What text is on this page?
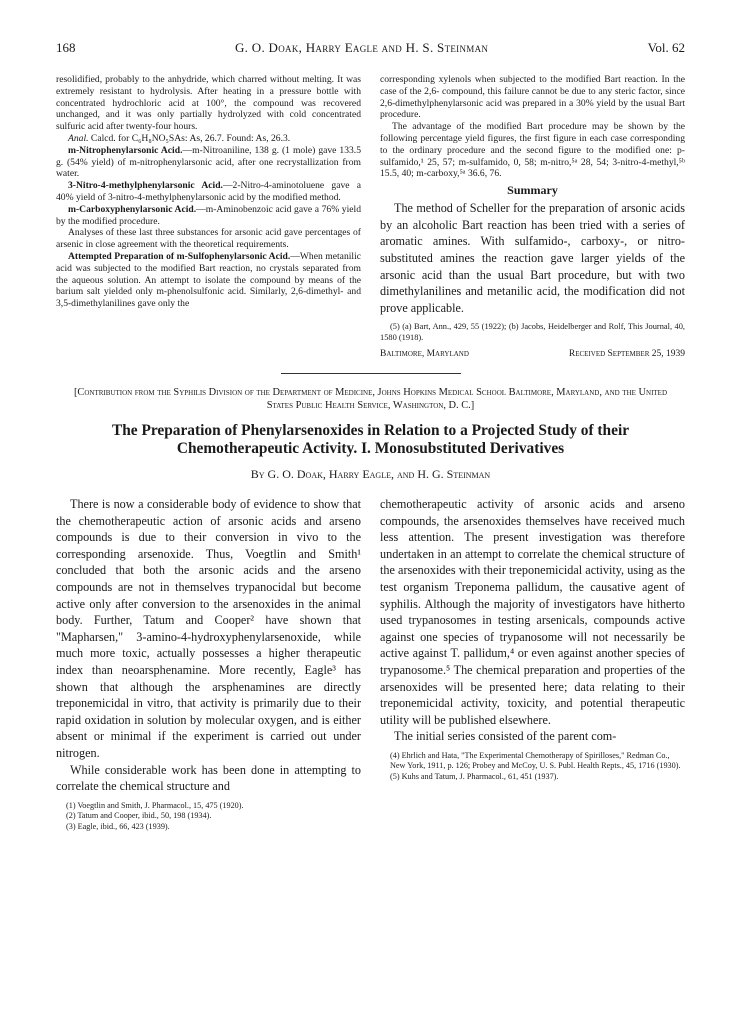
168	G. O. Doak, Harry Eagle and H. S. Steinman	Vol. 62

resolidified, probably to the anhydride, which charred without melting. It was extremely resistant to hydrolysis. After heating in a pressure bottle with concentrated hydrochloric acid at 100°, the compound was recovered unchanged, and it was only partially hydrolyzed with cold concentrated sulfuric acid after twenty-four hours.

Anal. Calcd. for C₆H₈NO₅SAs: As, 26.7. Found: As, 26.3.

m-Nitrophenylarsonic Acid.—m-Nitroaniline, 138 g. (1 mole) gave 133.5 g. (54% yield) of m-nitrophenylarsonic acid, after one recrystallization from water.

3-Nitro-4-methylphenylarsonic Acid.—2-Nitro-4-aminotoluene gave a 40% yield of 3-nitro-4-methylphenylarsonic acid by the modified method.

m-Carboxyphenylarsonic Acid.—m-Aminobenzoic acid gave a 76% yield by the modified procedure.

Analyses of these last three substances for arsonic acid gave percentages of arsenic in close agreement with the theoretical requirements.

Attempted Preparation of m-Sulfophenylarsonic Acid.—When metanilic acid was subjected to the modified Bart reaction, no crystals separated from the aqueous solution. An attempt to isolate the compound by means of the barium salt yielded only m-phenolsulfonic acid. Similarly, 2,6-dimethyl- and 3,5-dimethylanilines gave only the

corresponding xylenols when subjected to the modified Bart reaction. In the case of the 2,6- compound, this failure cannot be due to any steric factor, since 2,6-dimethylphenylarsonic acid was prepared in a 30% yield by the usual Bart procedure.

The advantage of the modified Bart procedure may be shown by the following percentage yield figures, the first figure in each case corresponding to the ordinary procedure and the second figure to the modified one: p-sulfamido,¹ 25, 57; m-sulfamido, 0, 58; m-nitro,⁵ᵃ 28, 54; 3-nitro-4-methyl,⁵ᵇ 15.5, 40; m-carboxy,⁵ᵃ 36.6, 76.

Summary

The method of Scheller for the preparation of arsonic acids by an alcoholic Bart reaction has been tried with a series of aromatic amines. With sulfamido-, carboxy-, or nitro-substituted amines the reaction gave larger yields of the arsonic acid than the usual Bart procedure, but with two dimethylanilines and metanilic acid, the modification did not prove applicable.

(5) (a) Bart, Ann., 429, 55 (1922); (b) Jacobs, Heidelberger and Rolf, This Journal, 40, 1580 (1918).

Baltimore, Maryland	Received September 25, 1939
[Contribution from the Syphilis Division of the Department of Medicine, Johns Hopkins Medical School Baltimore, Maryland, and the United States Public Health Service, Washington, D. C.]
The Preparation of Phenylarsenoxides in Relation to a Projected Study of their Chemotherapeutic Activity. I. Monosubstituted Derivatives
By G. O. Doak, Harry Eagle, and H. G. Steinman

There is now a considerable body of evidence to show that the chemotherapeutic action of arsonic acids and arseno compounds is due to their conversion in vivo to the corresponding arsenoxide. Thus, Voegtlin and Smith¹ concluded that both the arsonic acids and the arseno compounds are not in themselves trypanocidal but become active only after conversion to the arsenoxides in the animal body. Further, Tatum and Cooper² have shown that "Mapharsen," 3-amino-4-hydroxyphenylarsenoxide, while much more toxic, actually possesses a higher therapeutic index than neoarsphenamine. More recently, Eagle³ has shown that although the arsphenamines are directly treponemicidal in vitro, that activity is primarily due to their rapid oxidation in solution by molecular oxygen, and is either absent or minimal if the experiment is carried out under nitrogen.

While considerable work has been done in attempting to correlate the chemical structure and

(1) Voegtlin and Smith, J. Pharmacol., 15, 475 (1920).

(2) Tatum and Cooper, ibid., 50, 198 (1934).

(3) Eagle, ibid., 66, 423 (1939).

chemotherapeutic activity of arsonic acids and arseno compounds, the arsenoxides themselves have received much less attention. The present investigation was therefore undertaken in an attempt to correlate the chemical structure of the arsenoxides with their treponemicidal activity, using as the test organism Treponema pallidum, the causative agent of syphilis. Although the majority of investigators have hitherto used trypanosomes in testing arsenicals, compounds active against one species of trypanosome will not necessarily be active against T. pallidum,⁴ or even against another species of trypanosome.⁵ The chemical preparation and properties of the arsenoxides will be presented here; data relating to their treponemicidal activity, toxicity, and potential therapeutic utility will be published elsewhere.

The initial series consisted of the parent com-

(4) Ehrlich and Hata, "The Experimental Chemotherapy of Spirilloses," Redman Co., New York, 1911, p. 126; Probey and McCoy, U. S. Publ. Health Repts., 45, 1716 (1930).

(5) Kuhs and Tatum, J. Pharmacol., 61, 451 (1937).
